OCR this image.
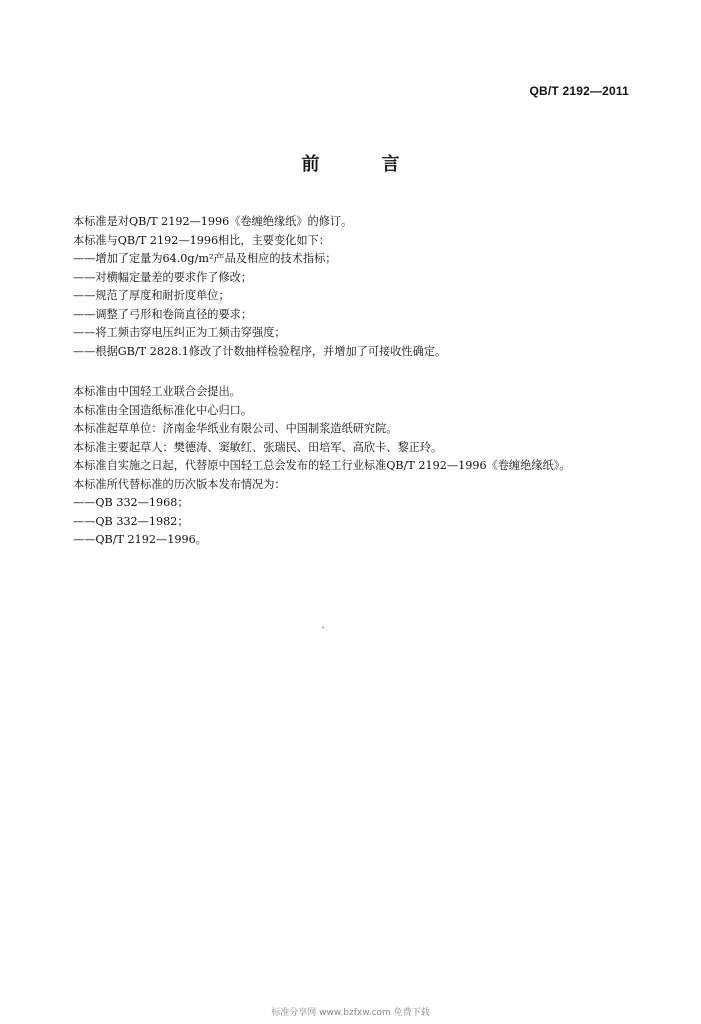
QB/T 2192—2011
前　言
本标准是对QB/T 2192—1996《卷缠绝缘纸》的修订。
本标准与QB/T 2192—1996相比，主要变化如下：
——增加了定量为64.0g/m²产品及相应的技术指标；
——对横幅定量差的要求作了修改；
——规范了厚度和耐折度单位；
——调整了弓形和卷筒直径的要求；
——将工频击穿电压纠正为工频击穿强度；
——根据GB/T 2828.1修改了计数抽样检验程序，并增加了可接收性确定。
本标准由中国轻工业联合会提出。
本标准由全国造纸标准化中心归口。
本标准起草单位：济南金华纸业有限公司、中国制浆造纸研究院。
本标准主要起草人：樊德涛、窦敏红、张瑞民、田培军、高欣卡、黎正玲。
本标准自实施之日起，代替原中国轻工总会发布的轻工行业标准QB/T 2192—1996《卷缠绝缘纸》。
本标准所代替标准的历次版本发布情况为：
——QB 332—1968；
——QB 332—1982；
——QB/T 2192—1996。
标准分享网 www.bzfxw.com 免费下载
